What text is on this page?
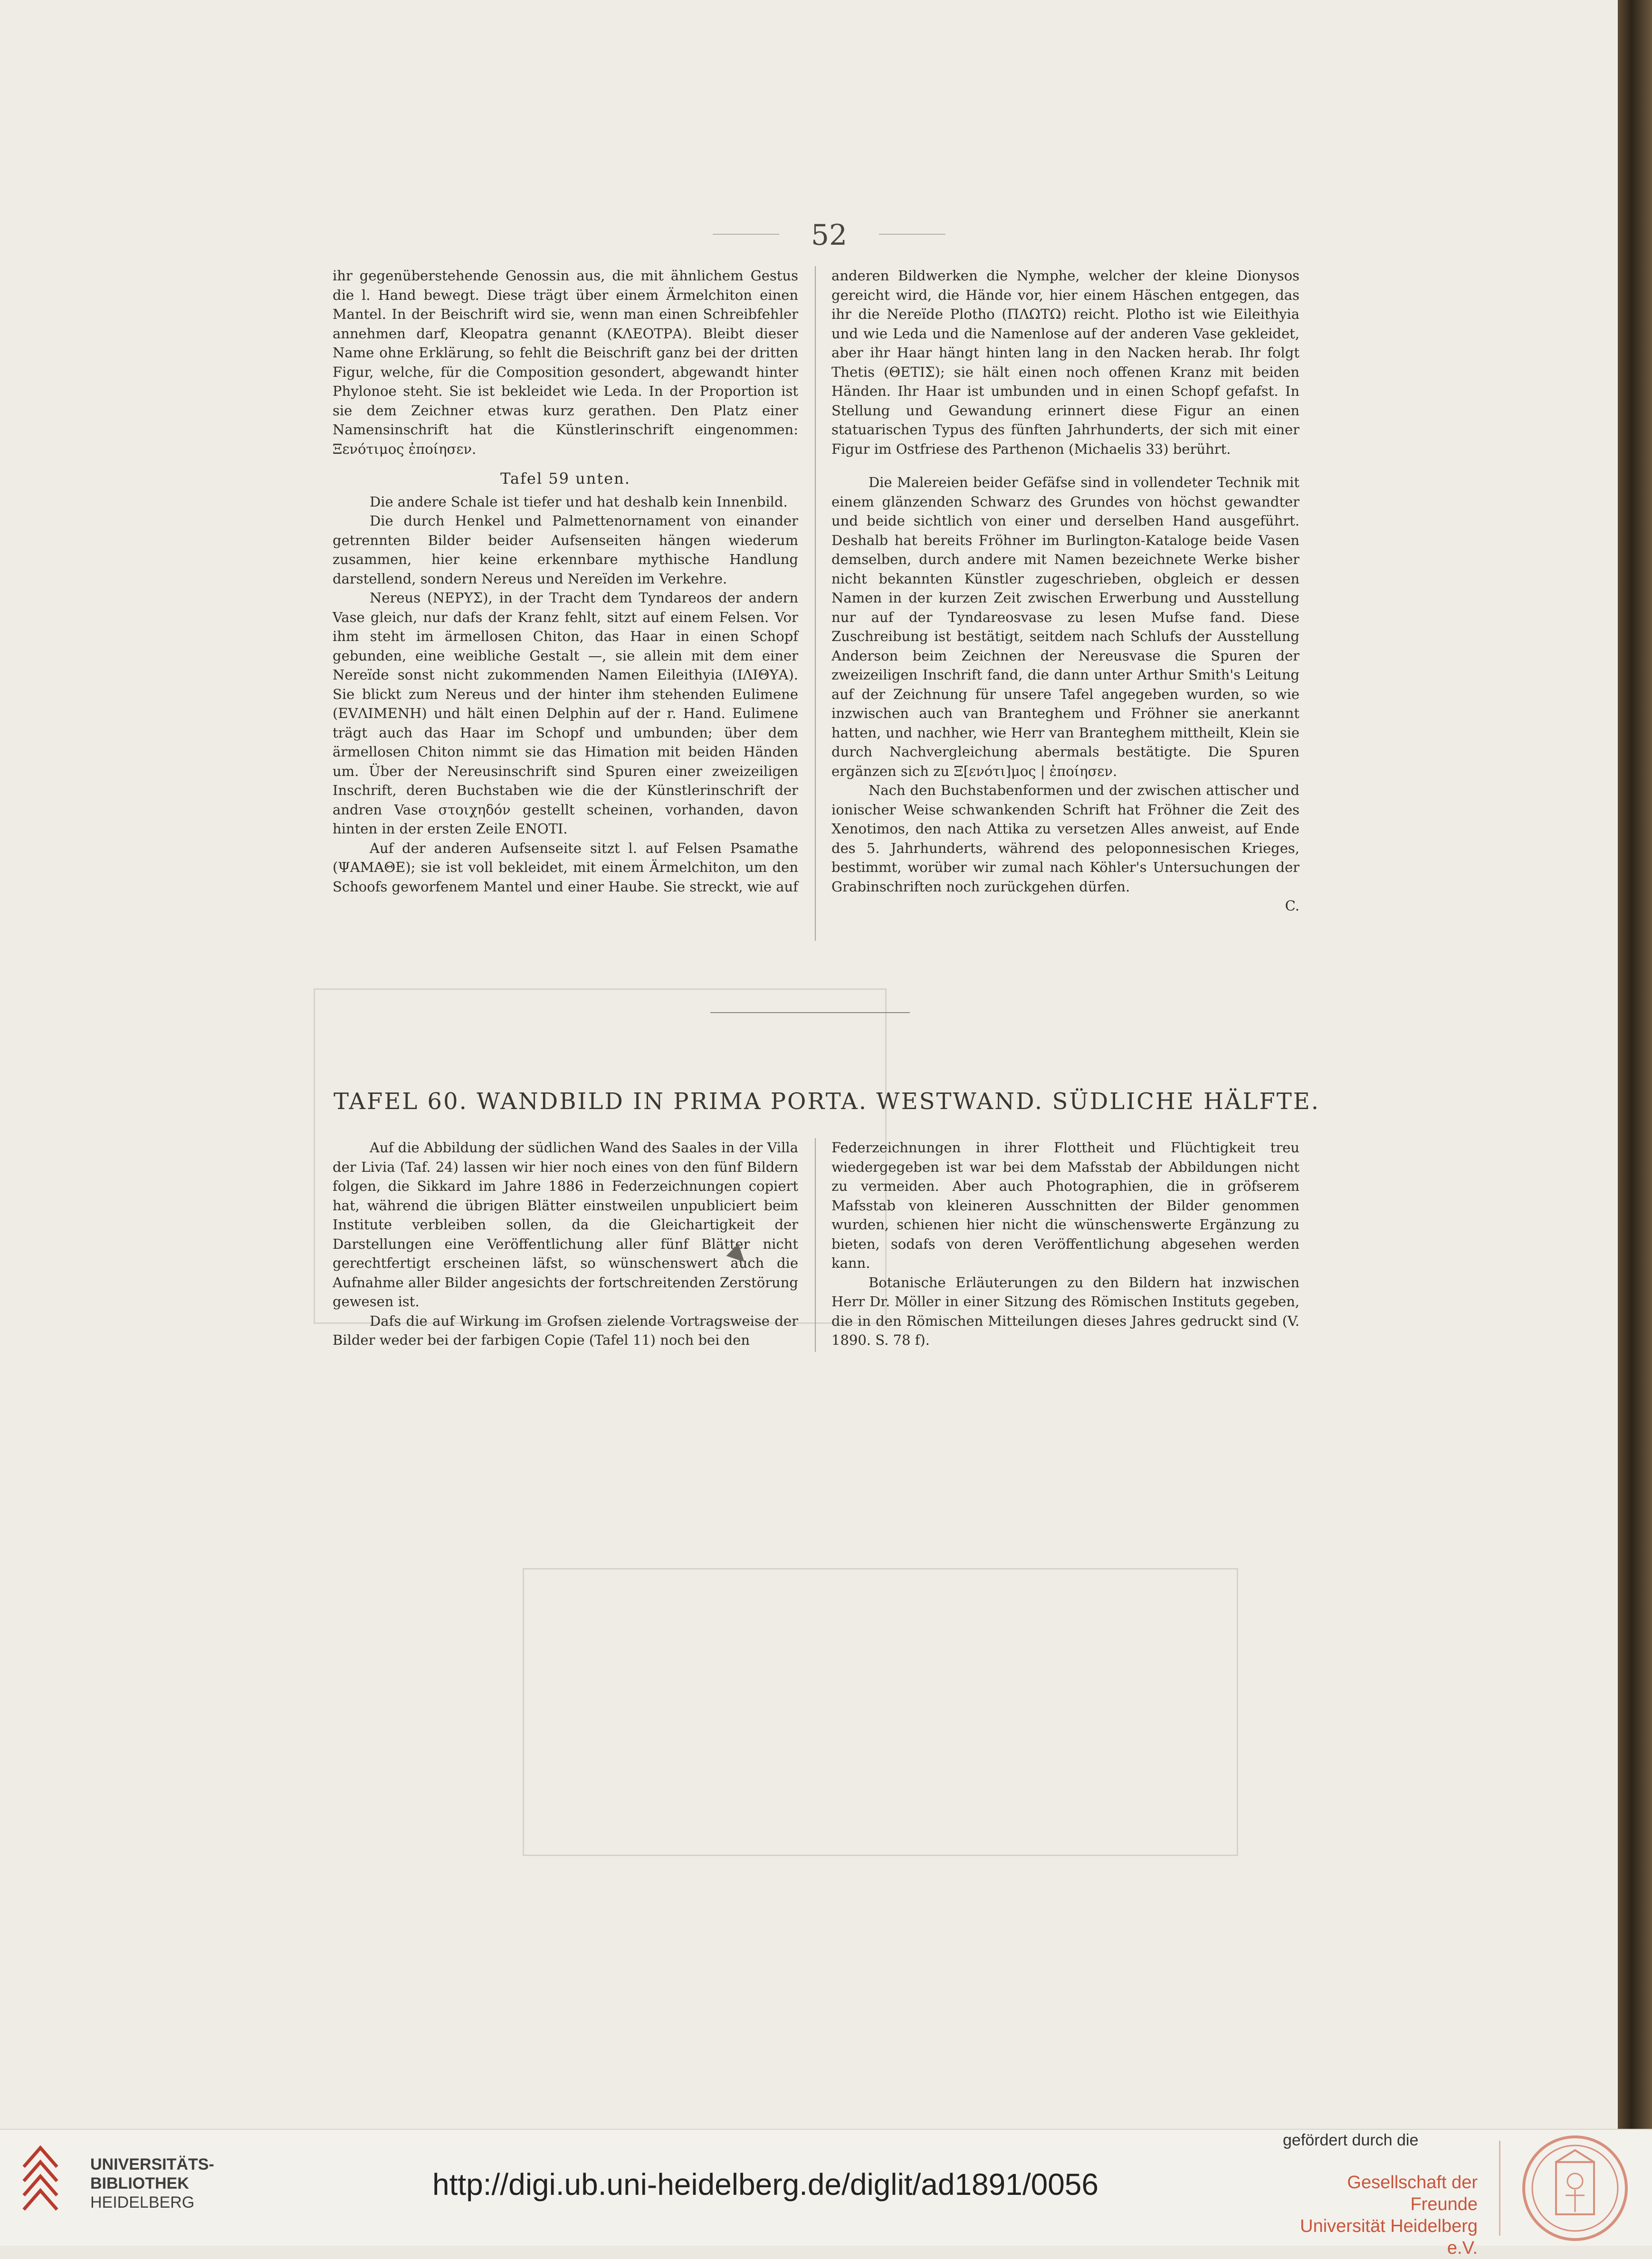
52

ihr gegenüberstehende Genossin aus, die mit ähnlichem Gestus die l. Hand bewegt. Diese trägt über einem Ärmelchiton einen Mantel. In der Beischrift wird sie, wenn man einen Schreibfehler annehmen darf, Kleopatra genannt (ΚΛΕΟΤΡΑ). Bleibt dieser Name ohne Erklärung, so fehlt die Beischrift ganz bei der dritten Figur, welche, für die Composition gesondert, abgewandt hinter Phylonoe steht. Sie ist bekleidet wie Leda. In der Proportion ist sie dem Zeichner etwas kurz gerathen. Den Platz einer Namensinschrift hat die Künstlerinschrift eingenommen: Ξενότιμος ἐποίησεν.

Tafel 59 unten.

Die andere Schale ist tiefer und hat deshalb kein Innenbild.

Die durch Henkel und Palmettenornament von einander getrennten Bilder beider Aufsenseiten hängen wiederum zusammen, hier keine erkennbare mythische Handlung darstellend, sondern Nereus und Nereïden im Verkehre.

Nereus (ΝΕΡΥΣ), in der Tracht dem Tyndareos der andern Vase gleich, nur dafs der Kranz fehlt, sitzt auf einem Felsen. Vor ihm steht im ärmellosen Chiton, das Haar in einen Schopf gebunden, eine weibliche Gestalt —, sie allein mit dem einer Nereïde sonst nicht zukommenden Namen Eileithyia (ΙΛΙΘΥΑ). Sie blickt zum Nereus und der hinter ihm stehenden Eulimene (ΕVΛΙΜΕΝΗ) und hält einen Delphin auf der r. Hand. Eulimene trägt auch das Haar im Schopf und umbunden; über dem ärmellosen Chiton nimmt sie das Himation mit beiden Händen um. Über der Nereusinschrift sind Spuren einer zweizeiligen Inschrift, deren Buchstaben wie die der Künstlerinschrift der andren Vase στοιχηδόν gestellt scheinen, vorhanden, davon hinten in der ersten Zeile ΕΝΟΤΙ.

Auf der anderen Aufsenseite sitzt l. auf Felsen Psamathe (ΨΑΜΑΘΕ); sie ist voll bekleidet, mit einem Ärmelchiton, um den Schoofs geworfenem Mantel und einer Haube. Sie streckt, wie auf

anderen Bildwerken die Nymphe, welcher der kleine Dionysos gereicht wird, die Hände vor, hier einem Häschen entgegen, das ihr die Nereïde Plotho (ΠΛΩΤΩ) reicht. Plotho ist wie Eileithyia und wie Leda und die Namenlose auf der anderen Vase gekleidet, aber ihr Haar hängt hinten lang in den Nacken herab. Ihr folgt Thetis (ΘΕΤΙΣ); sie hält einen noch offenen Kranz mit beiden Händen. Ihr Haar ist umbunden und in einen Schopf gefafst. In Stellung und Gewandung erinnert diese Figur an einen statuarischen Typus des fünften Jahrhunderts, der sich mit einer Figur im Ostfriese des Parthenon (Michaelis 33) berührt.

Die Malereien beider Gefäfse sind in vollendeter Technik mit einem glänzenden Schwarz des Grundes von höchst gewandter und beide sichtlich von einer und derselben Hand ausgeführt. Deshalb hat bereits Fröhner im Burlington-Kataloge beide Vasen demselben, durch andere mit Namen bezeichnete Werke bisher nicht bekannten Künstler zugeschrieben, obgleich er dessen Namen in der kurzen Zeit zwischen Erwerbung und Ausstellung nur auf der Tyndareosvase zu lesen Mufse fand. Diese Zuschreibung ist bestätigt, seitdem nach Schlufs der Ausstellung Anderson beim Zeichnen der Nereusvase die Spuren der zweizeiligen Inschrift fand, die dann unter Arthur Smith's Leitung auf der Zeichnung für unsere Tafel angegeben wurden, so wie inzwischen auch van Branteghem und Fröhner sie anerkannt hatten, und nachher, wie Herr van Branteghem mittheilt, Klein sie durch Nachvergleichung abermals bestätigte. Die Spuren ergänzen sich zu Ξ[ενότι]μος | ἐποίησεν.

Nach den Buchstabenformen und der zwischen attischer und ionischer Weise schwankenden Schrift hat Fröhner die Zeit des Xenotimos, den nach Attika zu versetzen Alles anweist, auf Ende des 5. Jahrhunderts, während des peloponnesischen Krieges, bestimmt, worüber wir zumal nach Köhler's Untersuchungen der Grabinschriften noch zurückgehen dürfen.

C.

TAFEL 60. WANDBILD IN PRIMA PORTA. WESTWAND. SÜDLICHE HÄLFTE.

Auf die Abbildung der südlichen Wand des Saales in der Villa der Livia (Taf. 24) lassen wir hier noch eines von den fünf Bildern folgen, die Sikkard im Jahre 1886 in Federzeichnungen copiert hat, während die übrigen Blätter einstweilen unpubliciert beim Institute verbleiben sollen, da die Gleichartigkeit der Darstellungen eine Veröffentlichung aller fünf Blätter nicht gerechtfertigt erscheinen läfst, so wünschenswert auch die Aufnahme aller Bilder angesichts der fortschreitenden Zerstörung gewesen ist.

Dafs die auf Wirkung im Grofsen zielende Vortragsweise der Bilder weder bei der farbigen Copie (Tafel 11) noch bei den

Federzeichnungen in ihrer Flottheit und Flüchtigkeit treu wiedergegeben ist war bei dem Mafsstab der Abbildungen nicht zu vermeiden. Aber auch Photographien, die in gröfserem Mafsstab von kleineren Ausschnitten der Bilder genommen wurden, schienen hier nicht die wünschenswerte Ergänzung zu bieten, sodafs von deren Veröffentlichung abgesehen werden kann.

Botanische Erläuterungen zu den Bildern hat inzwischen Herr Dr. Möller in einer Sitzung des Römischen Instituts gegeben, die in den Römischen Mitteilungen dieses Jahres gedruckt sind (V. 1890. S. 78 f).

UNIVERSITÄTS-
BIBLIOTHEK
HEIDELBERG
http://digi.ub.uni-heidelberg.de/diglit/ad1891/0056
gefördert durch die
Gesellschaft der Freunde
Universität Heidelberg e.V.
